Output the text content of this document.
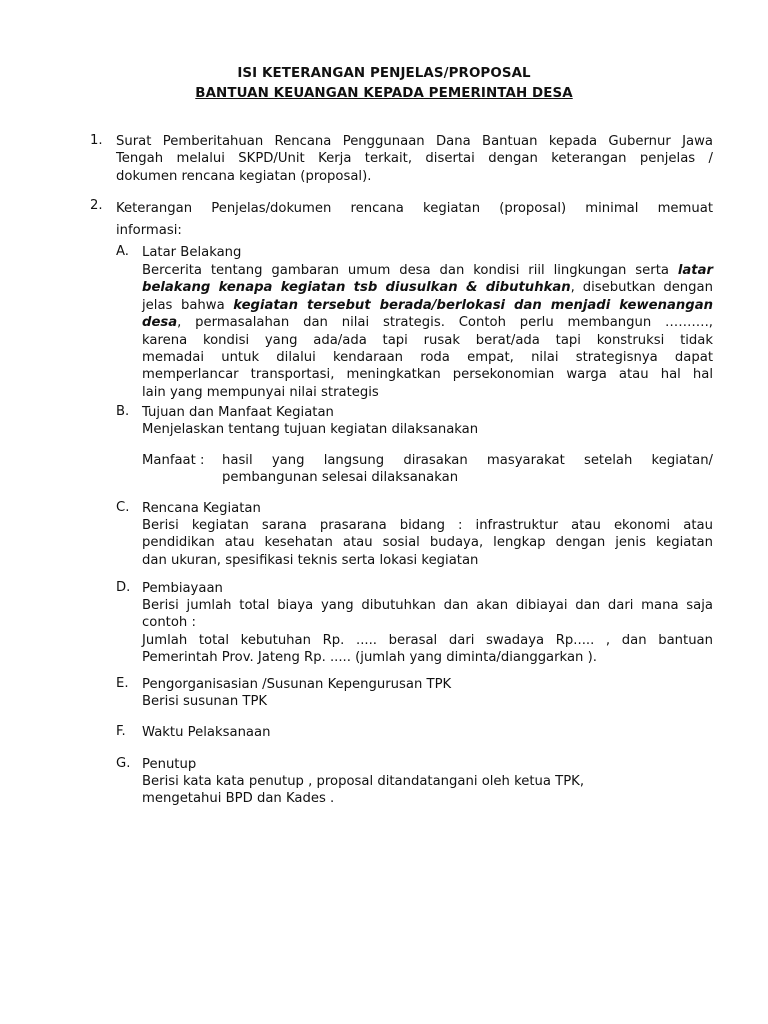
ISI KETERANGAN PENJELAS/PROPOSAL
BANTUAN KEUANGAN KEPADA PEMERINTAH DESA
1. Surat Pemberitahuan Rencana Penggunaan Dana Bantuan kepada Gubernur Jawa
Tengah melalui SKPD/Unit Kerja terkait, disertai dengan keterangan penjelas /
dokumen rencana kegiatan (proposal).
2. Keterangan Penjelas/dokumen rencana kegiatan (proposal) minimal memuat
informasi:
A. Latar Belakang
Bercerita tentang gambaran umum desa dan kondisi riil lingkungan serta latar
belakang kenapa kegiatan tsb diusulkan & dibutuhkan, disebutkan dengan
jelas bahwa kegiatan tersebut berada/berlokasi dan menjadi kewenangan
desa, permasalahan dan nilai strategis. Contoh perlu membangun ……….,
karena kondisi yang ada/ada tapi rusak berat/ada tapi konstruksi tidak
memadai untuk dilalui kendaraan roda empat, nilai strategisnya dapat
memperlancar transportasi, meningkatkan persekonomian warga atau hal hal
lain yang mempunyai nilai strategis
B. Tujuan dan Manfaat Kegiatan
Menjelaskan tentang tujuan kegiatan dilaksanakan
Manfaat : hasil yang langsung dirasakan masyarakat setelah kegiatan/
pembangunan selesai dilaksanakan
C. Rencana Kegiatan
Berisi kegiatan sarana prasarana bidang : infrastruktur atau ekonomi atau
pendidikan atau kesehatan atau sosial budaya, lengkap dengan jenis kegiatan
dan ukuran, spesifikasi teknis serta lokasi kegiatan
D. Pembiayaan
Berisi jumlah total biaya yang dibutuhkan dan akan dibiayai dan dari mana saja
contoh :
Jumlah total kebutuhan Rp. ..... berasal dari swadaya Rp..... , dan bantuan
Pemerintah Prov. Jateng Rp. ..... (jumlah yang diminta/dianggarkan ).
E. Pengorganisasian /Susunan Kepengurusan TPK
Berisi susunan TPK
F. Waktu Pelaksanaan
G. Penutup
Berisi kata kata penutup , proposal ditandatangani oleh ketua TPK,
mengetahui BPD dan Kades .
